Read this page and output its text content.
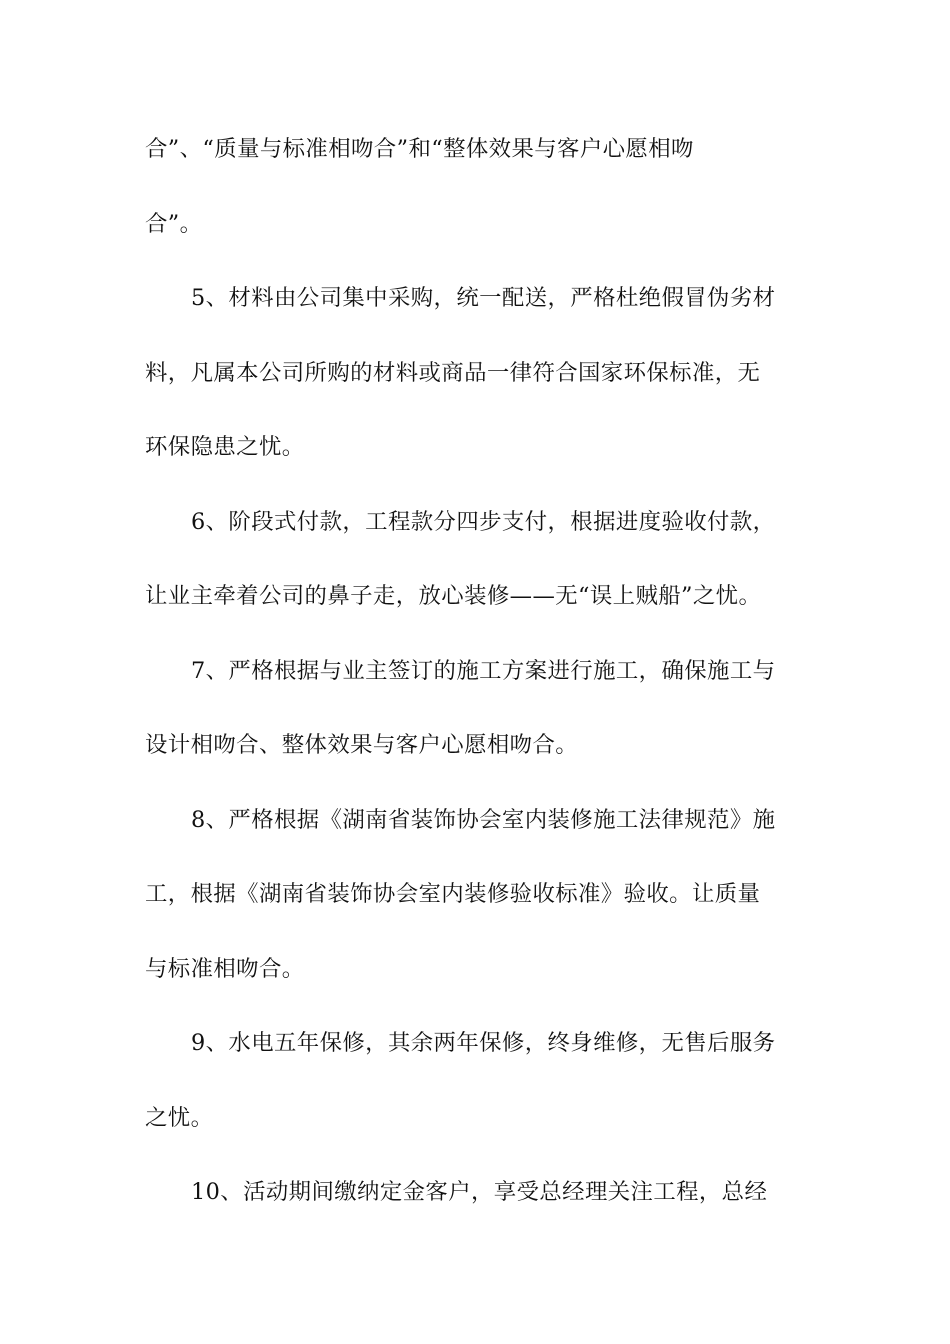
合”、“质量与标准相吻合”和“整体效果与客户心愿相吻
合”。

5、材料由公司集中采购，统一配送，严格杜绝假冒伪劣材
料，凡属本公司所购的材料或商品一律符合国家环保标准，无
环保隐患之忧。

6、阶段式付款，工程款分四步支付，根据进度验收付款，
让业主牵着公司的鼻子走，放心装修——无“误上贼船”之忧。

7、严格根据与业主签订的施工方案进行施工，确保施工与
设计相吻合、整体效果与客户心愿相吻合。

8、严格根据《湖南省装饰协会室内装修施工法律规范》施
工，根据《湖南省装饰协会室内装修验收标准》验收。让质量
与标准相吻合。

9、水电五年保修，其余两年保修，终身维修，无售后服务
之忧。

10、活动期间缴纳定金客户，享受总经理关注工程，总经
